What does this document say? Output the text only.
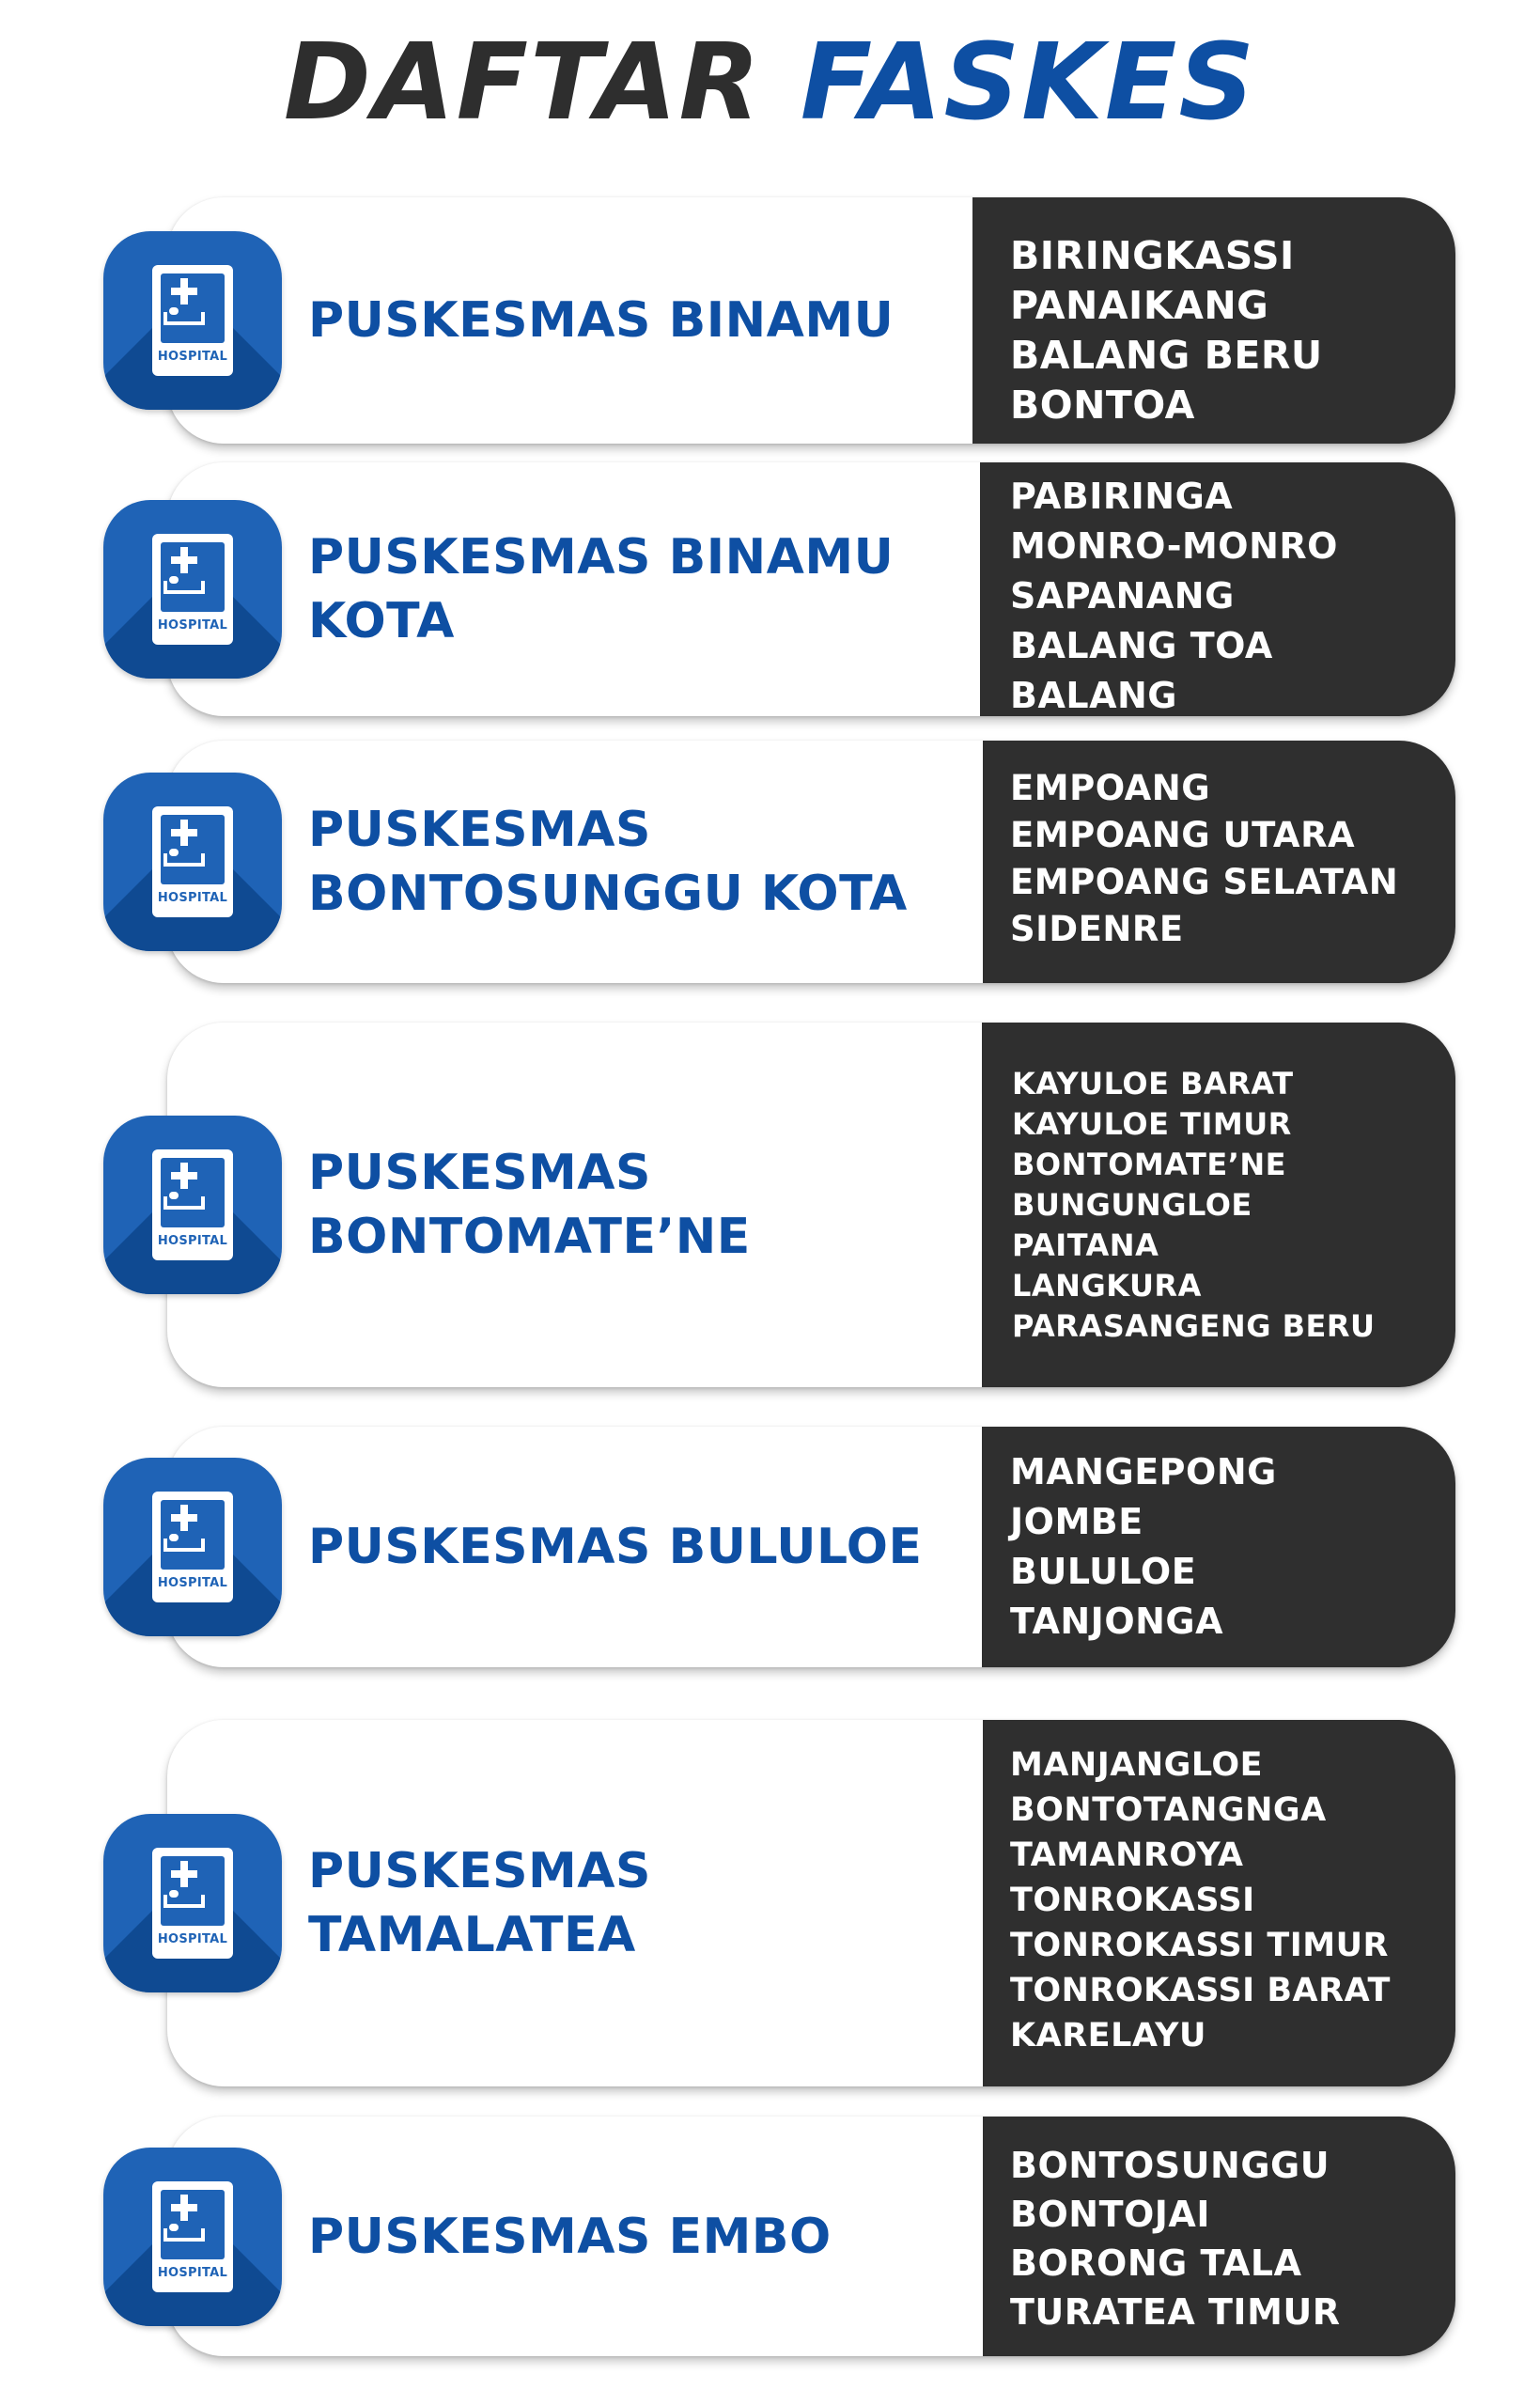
DAFTAR FASKES
HOSPITAL
PUSKESMAS BINAMU
BIRINGKASSI
PANAIKANG
BALANG BERU
BONTOA
HOSPITAL
PUSKESMAS BINAMU
KOTA
PABIRINGA
MONRO-MONRO
SAPANANG
BALANG TOA
BALANG
HOSPITAL
PUSKESMAS
BONTOSUNGGU KOTA
EMPOANG
EMPOANG UTARA
EMPOANG SELATAN
SIDENRE
HOSPITAL
PUSKESMAS
BONTOMATE’NE
KAYULOE BARAT
KAYULOE TIMUR
BONTOMATE’NE
BUNGUNGLOE
PAITANA
LANGKURA
PARASANGENG BERU
HOSPITAL
PUSKESMAS BULULOE
MANGEPONG
JOMBE
BULULOE
TANJONGA
HOSPITAL
PUSKESMAS
TAMALATEA
MANJANGLOE
BONTOTANGNGA
TAMANROYA
TONROKASSI
TONROKASSI TIMUR
TONROKASSI BARAT
KARELAYU
HOSPITAL
PUSKESMAS EMBO
BONTOSUNGGU
BONTOJAI
BORONG TALA
TURATEA TIMUR
